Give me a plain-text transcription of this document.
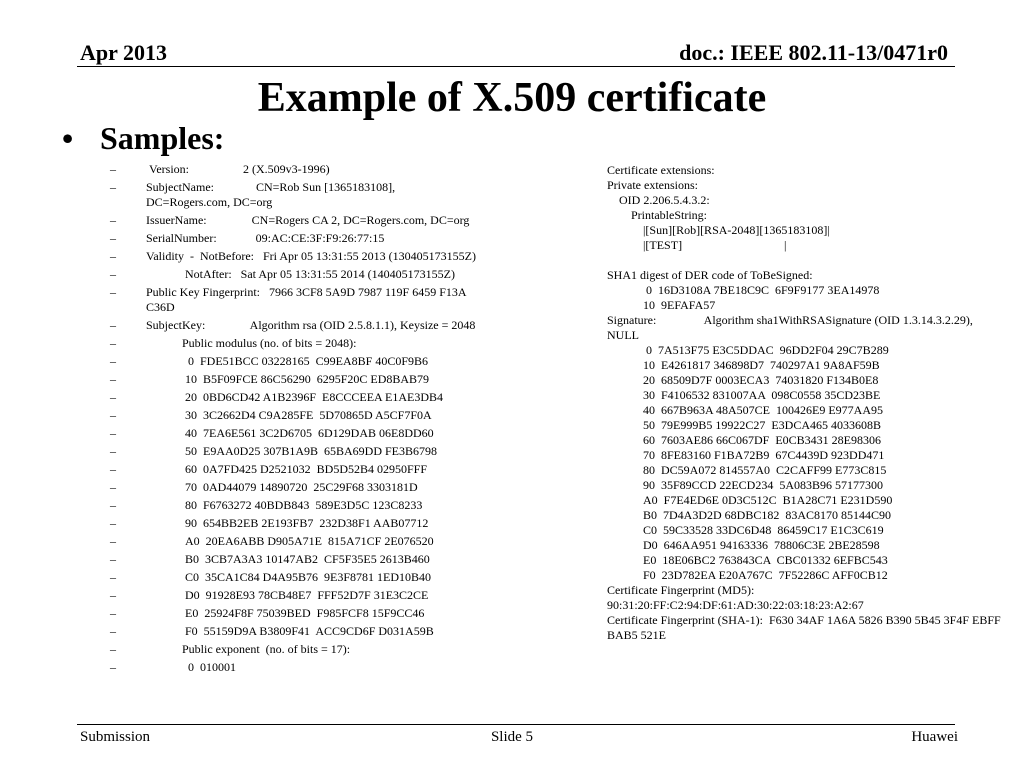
Apr 2013	doc.: IEEE 802.11-13/0471r0
Example of X.509 certificate
• Samples:
–	Version:                  2 (X.509v3-1996)
–	SubjectName:              CN=Rob Sun [1365183108], DC=Rogers.com, DC=org
–	IssuerName:               CN=Rogers CA 2, DC=Rogers.com, DC=org
–	SerialNumber:             09:AC:CE:3F:F9:26:77:15
–	Validity  -  NotBefore:   Fri Apr 05 13:31:55 2013 (130405173155Z)
–	NotAfter:   Sat Apr 05 13:31:55 2014 (140405173155Z)
–	Public Key Fingerprint:   7966 3CF8 5A9D 7987 119F 6459 F13A C36D
–	SubjectKey:               Algorithm rsa (OID 2.5.8.1.1), Keysize = 2048
–	Public modulus (no. of bits = 2048):
–	0  FDE51BCC 03228165  C99EA8BF 40C0F9B6
–	10  B5F09FCE 86C56290  6295F20C ED8BAB79
–	20  0BD6CD42 A1B2396F  E8CCCEEA E1AE3DB4
–	30  3C2662D4 C9A285FE  5D70865D A5CF7F0A
–	40  7EA6E561 3C2D6705  6D129DAB 06E8DD60
–	50  E9AA0D25 307B1A9B  65BA69DD FE3B6798
–	60  0A7FD425 D2521032  BD5D52B4 02950FFF
–	70  0AD44079 14890720  25C29F68 3303181D
–	80  F6763272 40BDB843  589E3D5C 123C8233
–	90  654BB2EB 2E193FB7  232D38F1 AAB07712
–	A0  20EA6ABB D905A71E  815A71CF 2E076520
–	B0  3CB7A3A3 10147AB2  CF5F35E5 2613B460
–	C0  35CA1C84 D4A95B76  9E3F8781 1ED10B40
–	D0  91928E93 78CB48E7  FFF52D7F 31E3C2CE
–	E0  25924F8F 75039BED  F985FCF8 15F9CC46
–	F0  55159D9A B3809F41  ACC9CD6F D031A59B
–	Public exponent  (no. of bits = 17):
–	0  010001
Certificate extensions:
Private extensions:
OID 2.206.5.4.3.2:
PrintableString:
|[Sun][Rob][RSA-2048][1365183108]|
|[TEST]                                  |
SHA1 digest of DER code of ToBeSigned:
0  16D3108A 7BE18C9C  6F9F9177 3EA14978
10  9EFAFA57
Signature:                Algorithm sha1WithRSASignature (OID 1.3.14.3.2.29), NULL
0  7A513F75 E3C5DDAC  96DD2F04 29C7B289
10  E4261817 346898D7  740297A1 9A8AF59B
20  68509D7F 0003ECA3  74031820 F134B0E8
30  F4106532 831007AA  098C0558 35CD23BE
40  667B963A 48A507CE  100426E9 E977AA95
50  79E999B5 19922C27  E3DCA465 4033608B
60  7603AE86 66C067DF  E0CB3431 28E98306
70  8FE83160 F1BA72B9  67C4439D 923DD471
80  DC59A072 814557A0  C2CAFF99 E773C815
90  35F89CCD 22ECD234  5A083B96 57177300
A0  F7E4ED6E 0D3C512C  B1A28C71 E231D590
B0  7D4A3D2D 68DBC182  83AC8170 85144C90
C0  59C33528 33DC6D48  86459C17 E1C3C619
D0  646AA951 94163336  78806C3E 2BE28598
E0  18E06BC2 763843CA  CBC01332 6EFBC543
F0  23D782EA E20A767C  7F52286C AFF0CB12
Certificate Fingerprint (MD5):
90:31:20:FF:C2:94:DF:61:AD:30:22:03:18:23:A2:67
Certificate Fingerprint (SHA-1):  F630 34AF 1A6A 5826 B390 5B45 3F4F EBFF BAB5 521E
Submission	Slide 5	Huawei
